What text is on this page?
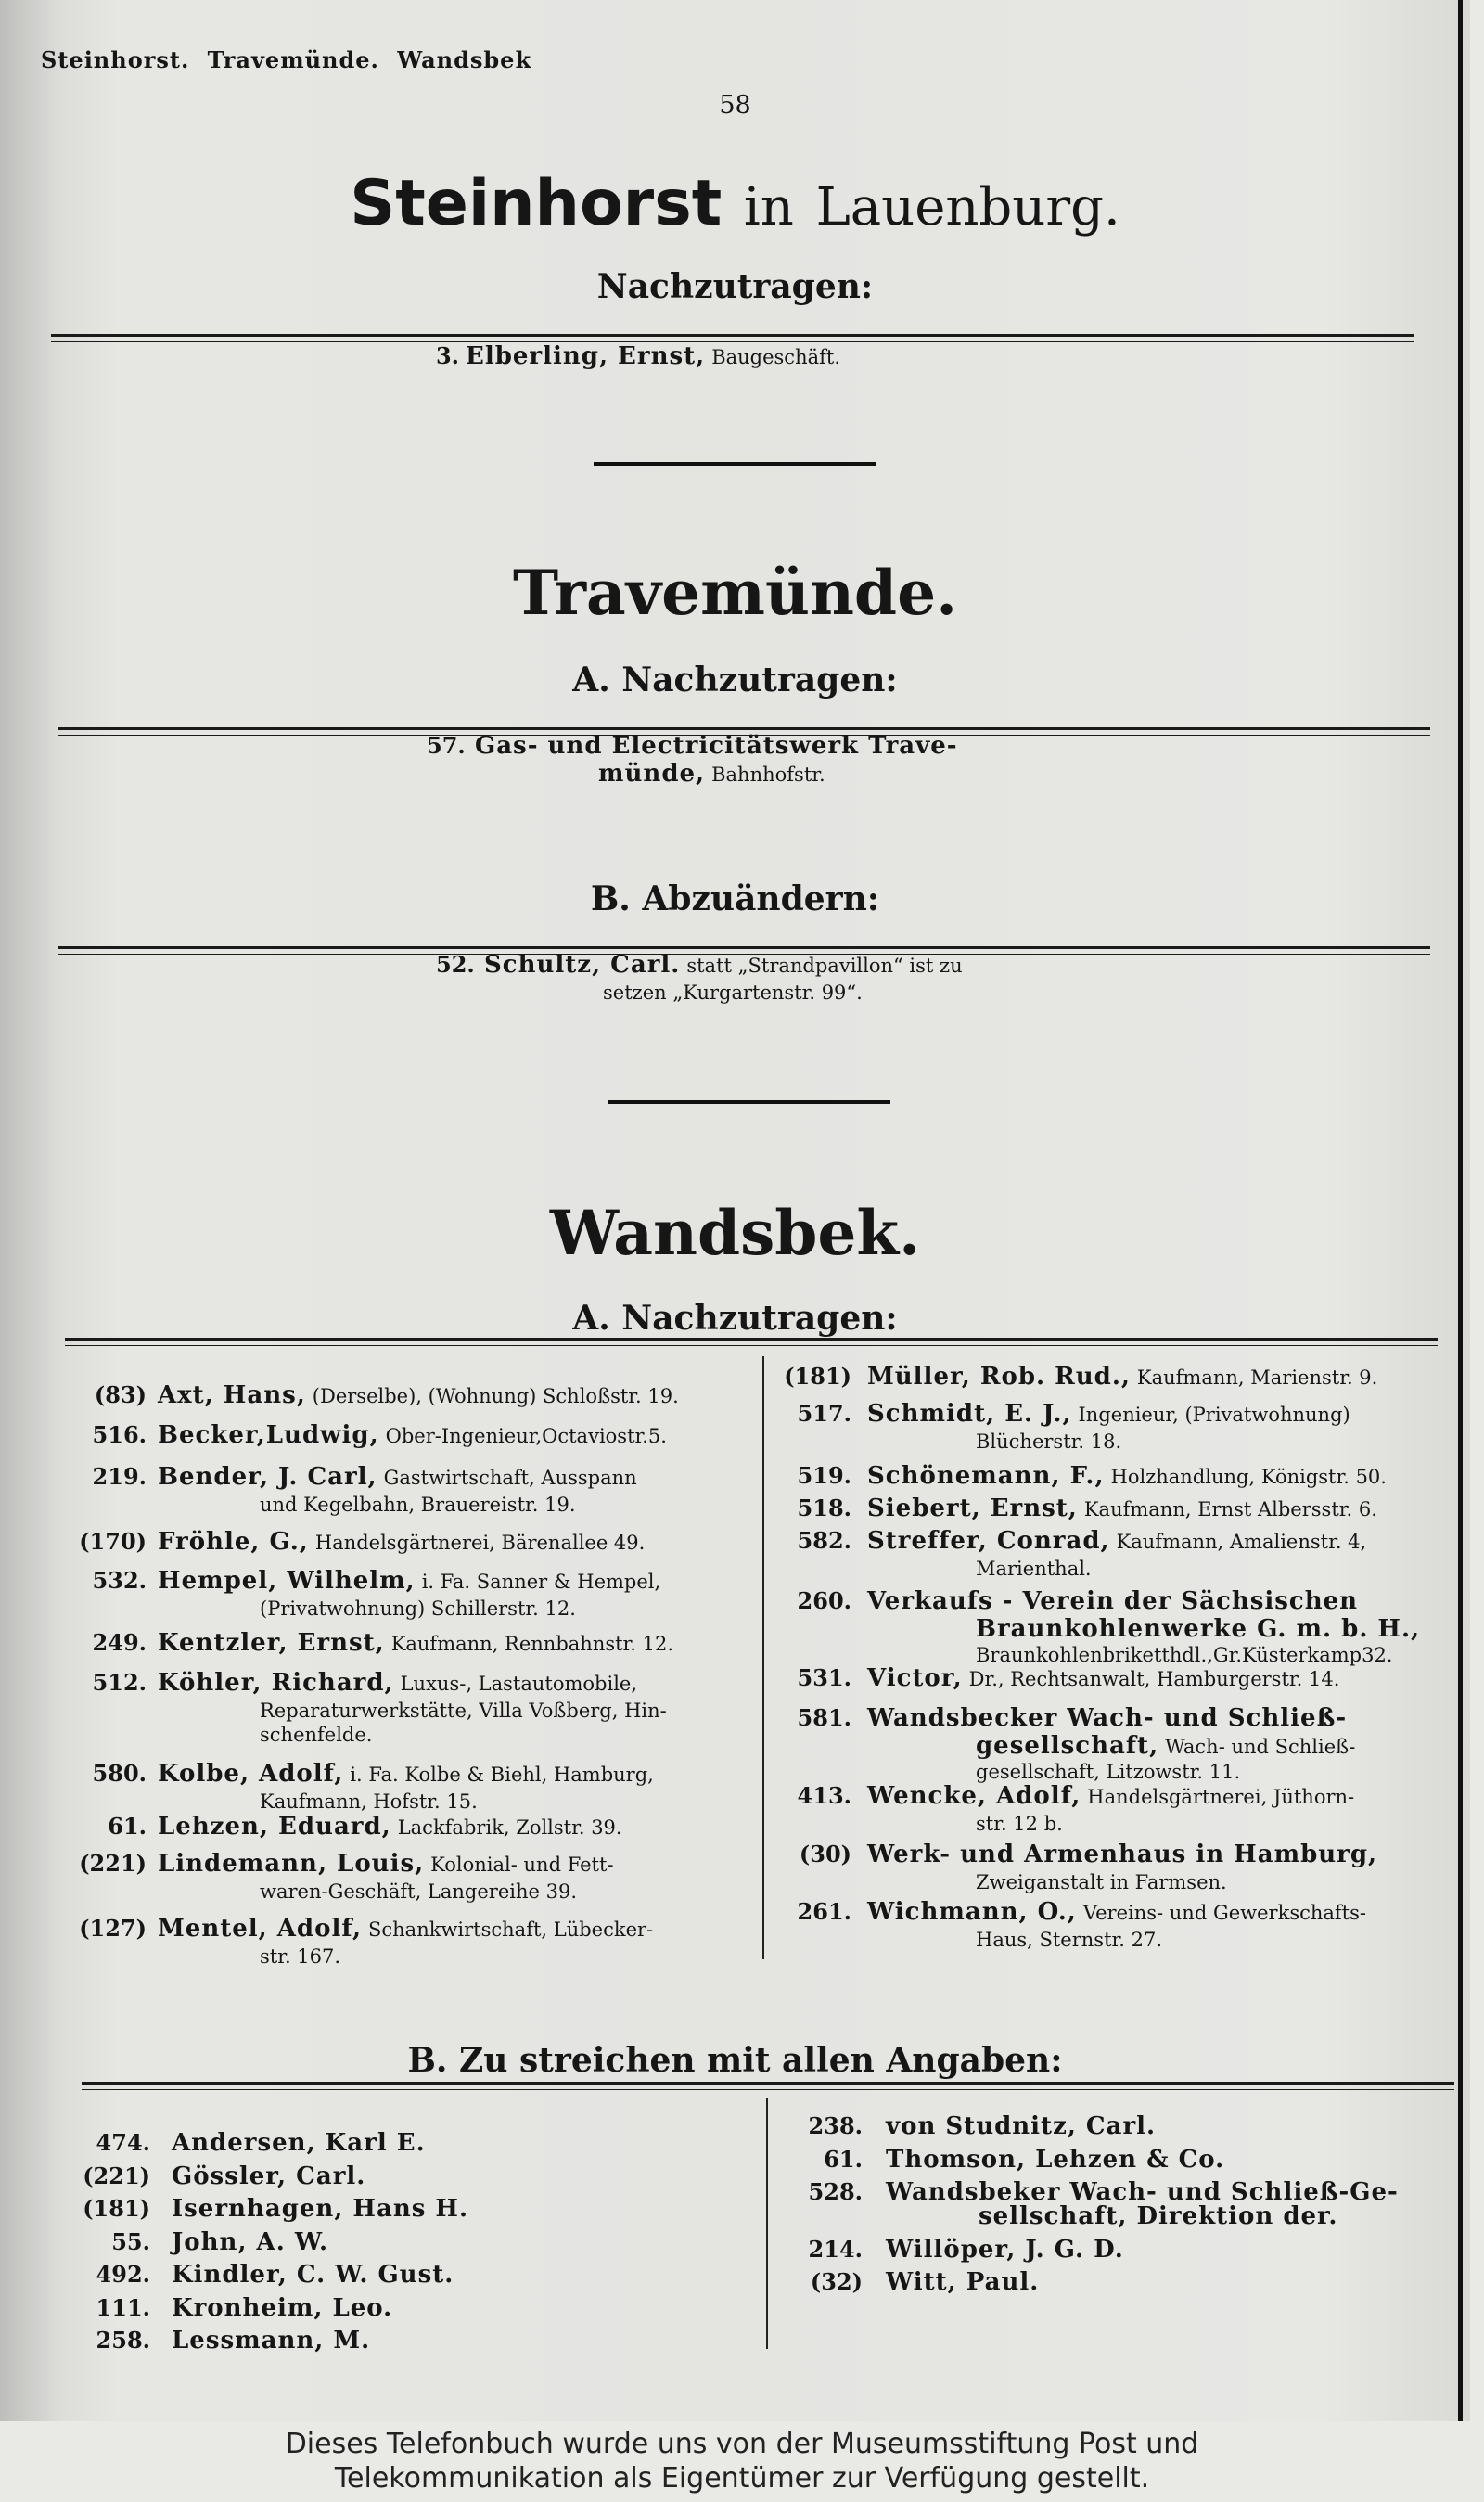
Steinhorst. Travemünde. Wandsbek
58
Steinhorst in Lauenburg.
Nachzutragen:
3. Elberling, Ernst, Baugeschäft.
Travemünde.
A. Nachzutragen:
57. Gas- und Electricitätswerk Trave-
münde, Bahnhofstr.
B. Abzuändern:
52. Schultz, Carl. statt „Strandpavillon“ ist zu
setzen „Kurgartenstr. 99“.
Wandsbek.
A. Nachzutragen:
(83) Axt, Hans, (Derselbe), (Wohnung) Schloßstr. 19.
516. Becker,Ludwig, Ober-Ingenieur,Octaviostr.5.
219. Bender, J. Carl, Gastwirtschaft, Ausspann
und Kegelbahn, Brauereistr. 19.
(170) Fröhle, G., Handelsgärtnerei, Bärenallee 49.
532. Hempel, Wilhelm, i. Fa. Sanner & Hempel,
(Privatwohnung) Schillerstr. 12.
249. Kentzler, Ernst, Kaufmann, Rennbahnstr. 12.
512. Köhler, Richard, Luxus-, Lastautomobile,
Reparaturwerkstätte, Villa Voßberg, Hin-
schenfelde.
580. Kolbe, Adolf, i. Fa. Kolbe & Biehl, Hamburg,
Kaufmann, Hofstr. 15.
61. Lehzen, Eduard, Lackfabrik, Zollstr. 39.
(221) Lindemann, Louis, Kolonial- und Fett-
waren-Geschäft, Langereihe 39.
(127) Mentel, Adolf, Schankwirtschaft, Lübecker-
str. 167.
(181) Müller, Rob. Rud., Kaufmann, Marienstr. 9.
517. Schmidt, E. J., Ingenieur, (Privatwohnung)
Blücherstr. 18.
519. Schönemann, F., Holzhandlung, Königstr. 50.
518. Siebert, Ernst, Kaufmann, Ernst Albersstr. 6.
582. Streffer, Conrad, Kaufmann, Amalienstr. 4,
Marienthal.
260. Verkaufs - Verein der Sächsischen
Braunkohlenwerke G. m. b. H.,
Braunkohlenbriketthdl.,Gr.Küsterkamp32.
531. Victor, Dr., Rechtsanwalt, Hamburgerstr. 14.
581. Wandsbecker Wach- und Schließ-
gesellschaft, Wach- und Schließ-
gesellschaft, Litzowstr. 11.
413. Wencke, Adolf, Handelsgärtnerei, Jüthorn-
str. 12 b.
(30) Werk- und Armenhaus in Hamburg,
Zweiganstalt in Farmsen.
261. Wichmann, O., Vereins- und Gewerkschafts-
Haus, Sternstr. 27.
B. Zu streichen mit allen Angaben:
474. Andersen, Karl E.
(221) Gössler, Carl.
(181) Isernhagen, Hans H.
55. John, A. W.
492. Kindler, C. W. Gust.
111. Kronheim, Leo.
258. Lessmann, M.
238. von Studnitz, Carl.
61. Thomson, Lehzen & Co.
528. Wandsbeker Wach- und Schließ-Ge-
sellschaft, Direktion der.
214. Willöper, J. G. D.
(32) Witt, Paul.
Dieses Telefonbuch wurde uns von der Museumsstiftung Post und
Telekommunikation als Eigentümer zur Verfügung gestellt.
